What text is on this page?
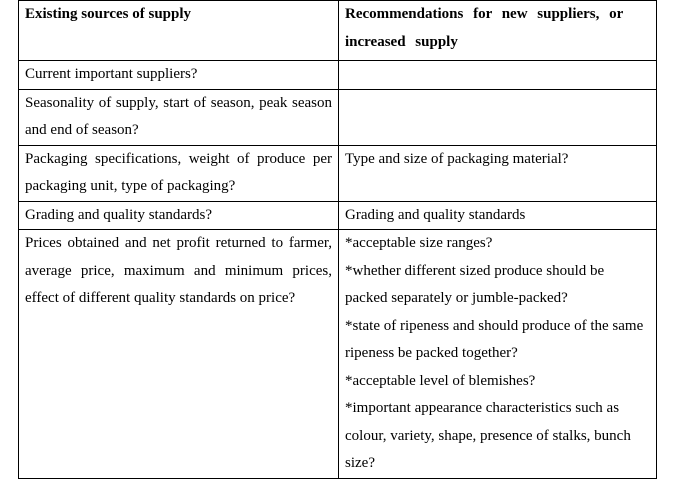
Existing sources of supply	Recommendations for new suppliers, or increased supply
Current important suppliers?	
Seasonality of supply, start of season, peak season and end of season?	
Packaging specifications, weight of produce per packaging unit, type of packaging?	Type and size of packaging material?
Grading and quality standards?	Grading and quality standards
Prices obtained and net profit returned to farmer, average price, maximum and minimum prices, effect of different quality standards on price?	*acceptable size ranges?
*whether different sized produce should be packed separately or jumble-packed?
*state of ripeness and should produce of the same ripeness be packed together?
*acceptable level of blemishes?
*important appearance characteristics such as colour, variety, shape, presence of stalks, bunch size?
